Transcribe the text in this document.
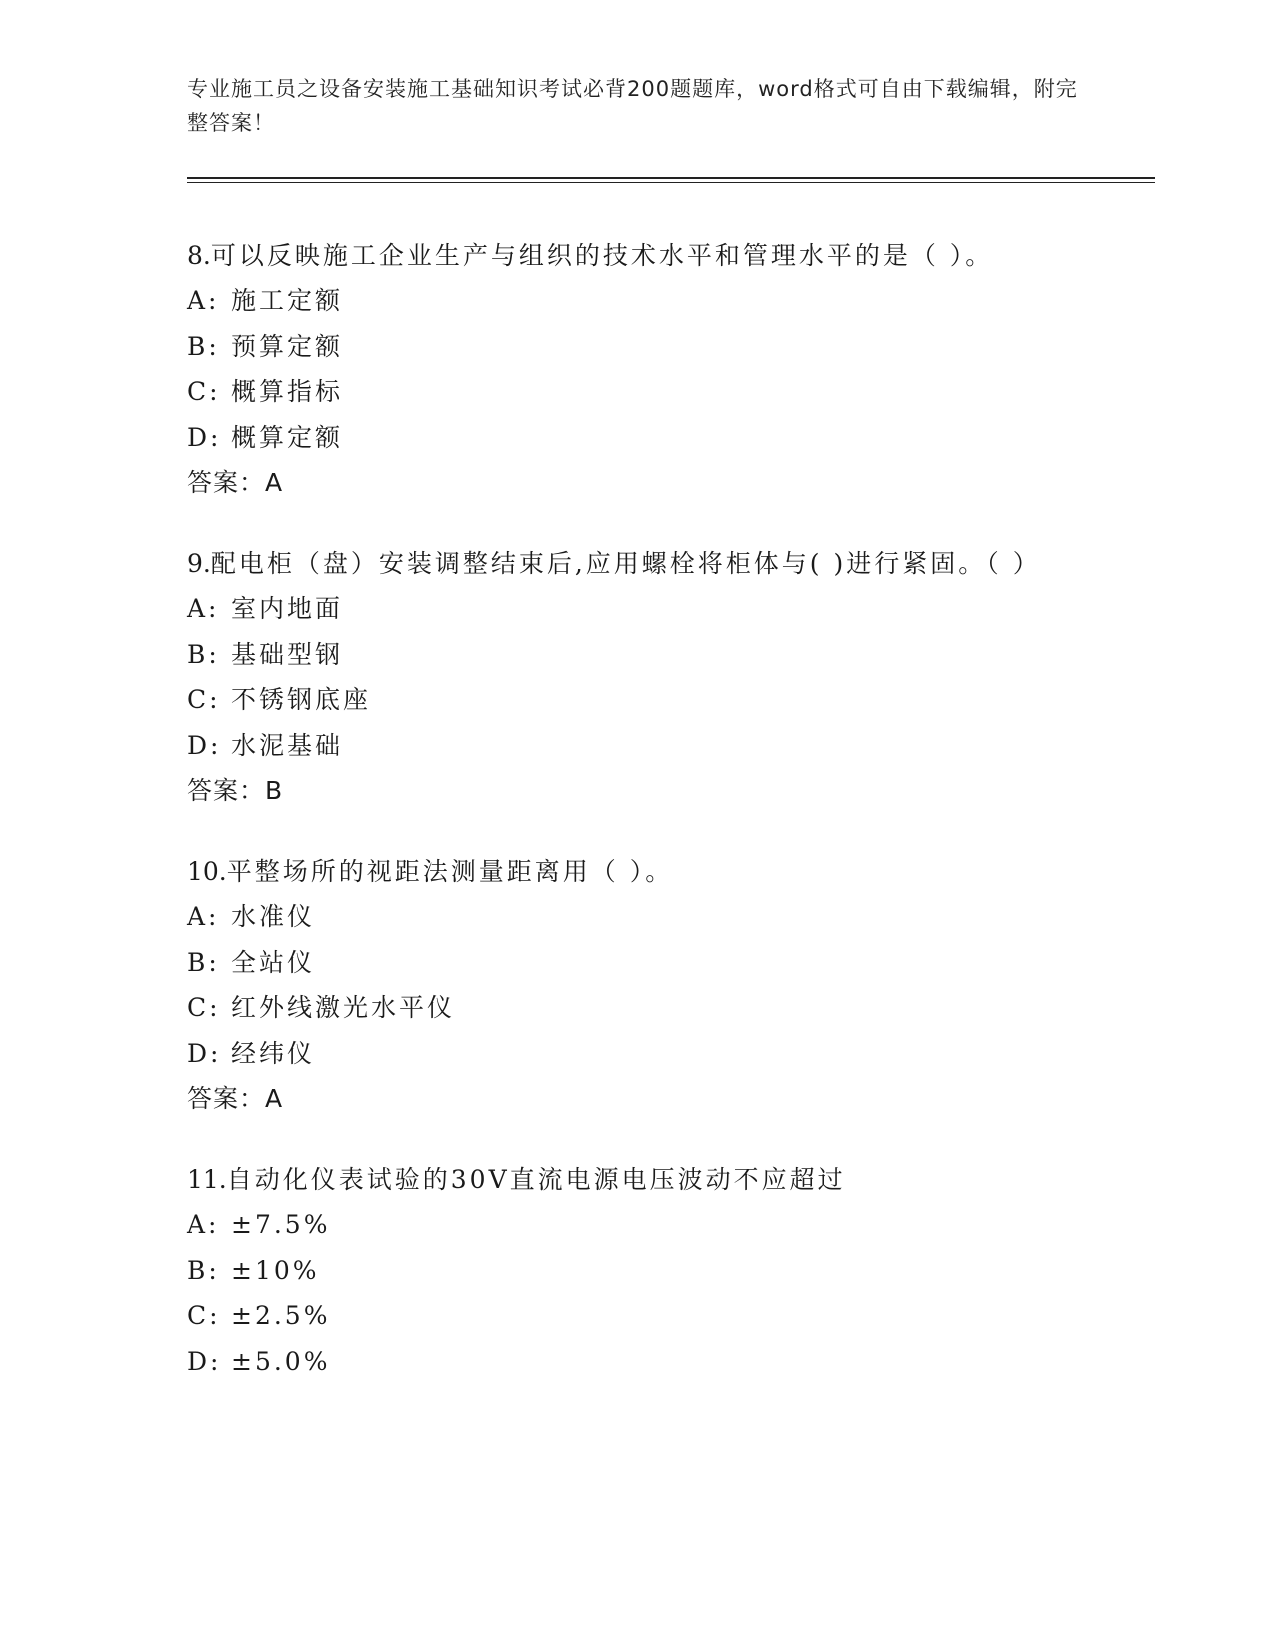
专业施工员之设备安装施工基础知识考试必背200题题库，word格式可自由下载编辑，附完整答案！
8.可以反映施工企业生产与组织的技术水平和管理水平的是（ ）。
A: 施工定额
B: 预算定额
C: 概算指标
D: 概算定额
答案：A
9.配电柜（盘）安装调整结束后,应用螺栓将柜体与( )进行紧固。（ ）
A: 室内地面
B: 基础型钢
C: 不锈钢底座
D: 水泥基础
答案：B
10.平整场所的视距法测量距离用（ ）。
A: 水准仪
B: 全站仪
C: 红外线激光水平仪
D: 经纬仪
答案：A
11.自动化仪表试验的30V直流电源电压波动不应超过
A: ±7.5%
B: ±10%
C: ±2.5%
D: ±5.0%
